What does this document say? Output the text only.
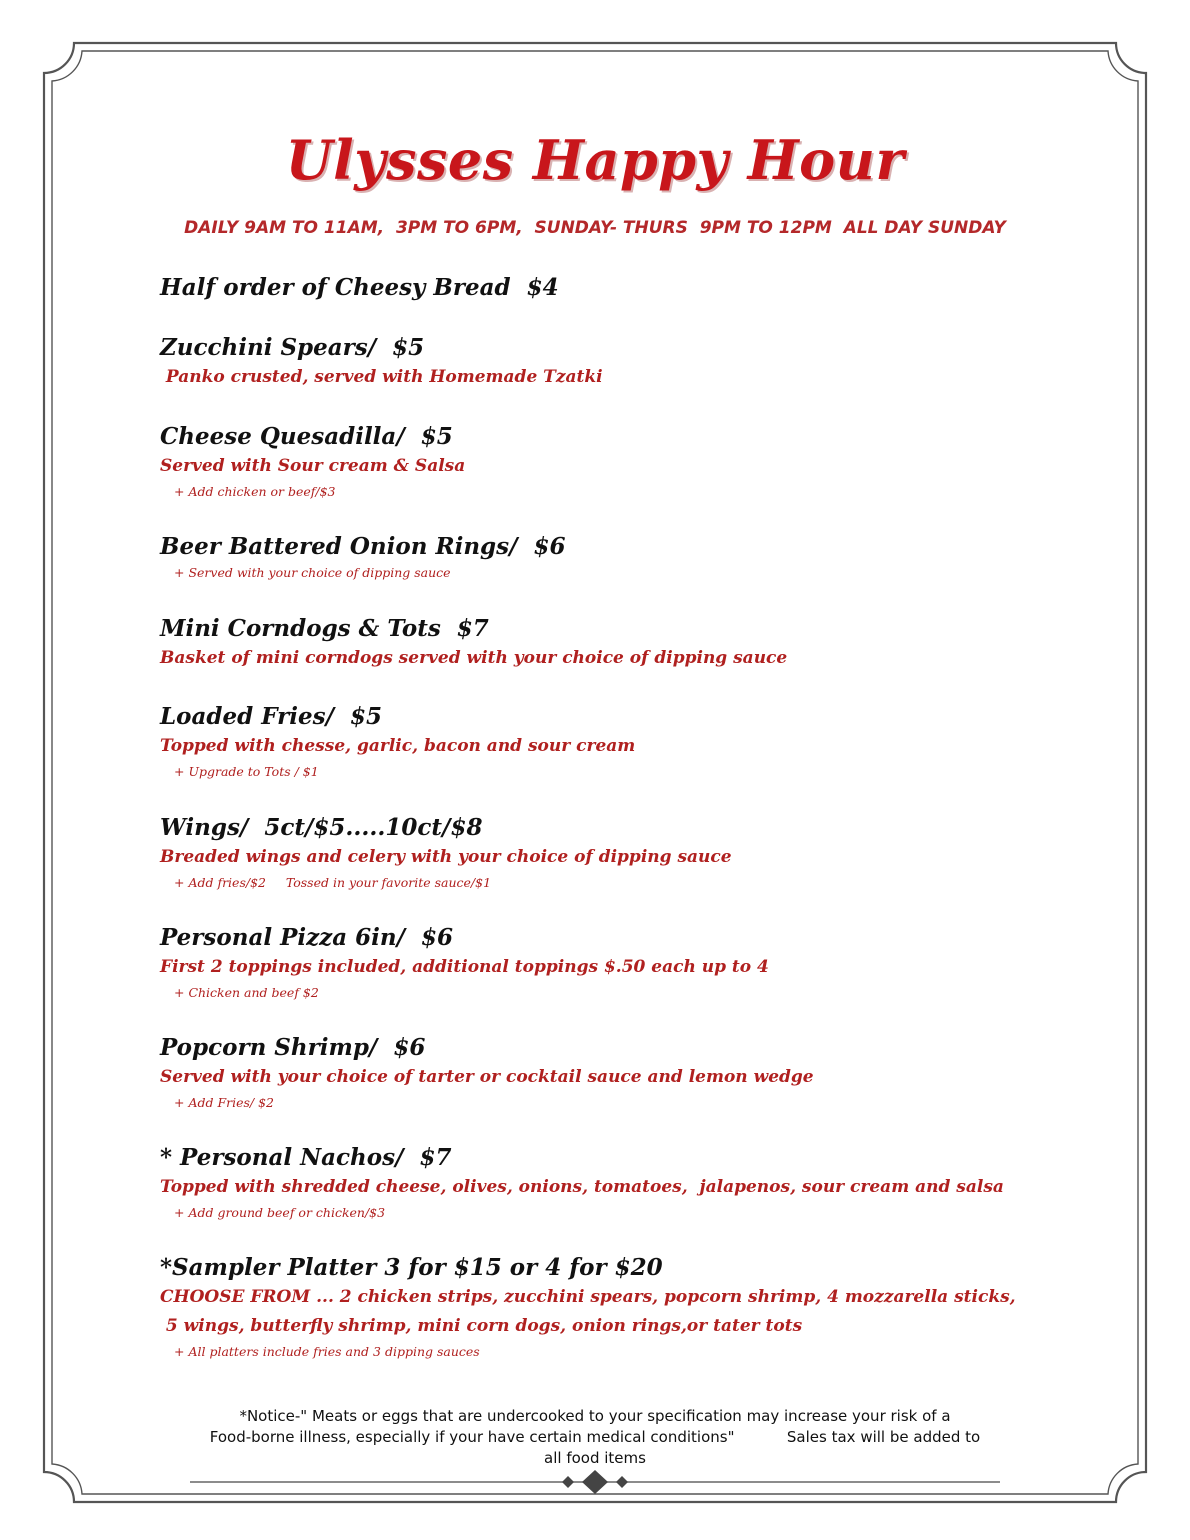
Ulysses Happy Hour
DAILY 9AM TO 11AM,  3PM TO 6PM,  SUNDAY- THURS  9PM TO 12PM  ALL DAY SUNDAY
Half order of Cheesy Bread  $4
Zucchini Spears/  $5
Panko crusted, served with Homemade Tzatki
Cheese Quesadilla/  $5
Served with Sour cream & Salsa
+ Add chicken or beef/$3
Beer Battered Onion Rings/  $6
+ Served with your choice of dipping sauce
Mini Corndogs & Tots  $7
Basket of mini corndogs served with your choice of dipping sauce
Loaded Fries/  $5
Topped with chesse, garlic, bacon and sour cream
+ Upgrade to Tots / $1
Wings/  5ct/$5.....10ct/$8
Breaded wings and celery with your choice of dipping sauce
+ Add fries/$2     Tossed in your favorite sauce/$1
Personal Pizza 6in/  $6
First 2 toppings included, additional toppings $.50 each up to 4
+ Chicken and beef $2
Popcorn Shrimp/  $6
Served with your choice of tarter or cocktail sauce and lemon wedge
+ Add Fries/ $2
* Personal Nachos/  $7
Topped with shredded cheese, olives, onions, tomatoes,  jalapenos, sour cream and salsa
+ Add ground beef or chicken/$3
*Sampler Platter 3 for $15 or 4 for $20
CHOOSE FROM ... 2 chicken strips, zucchini spears, popcorn shrimp, 4 mozzarella sticks,
5 wings, butterfly shrimp, mini corn dogs, onion rings,or tater tots
+ All platters include fries and 3 dipping sauces
*Notice-" Meats or eggs that are undercooked to your specification may increase your risk of a
Food-borne illness, especially if your have certain medical conditions"           Sales tax will be added to
all food items
